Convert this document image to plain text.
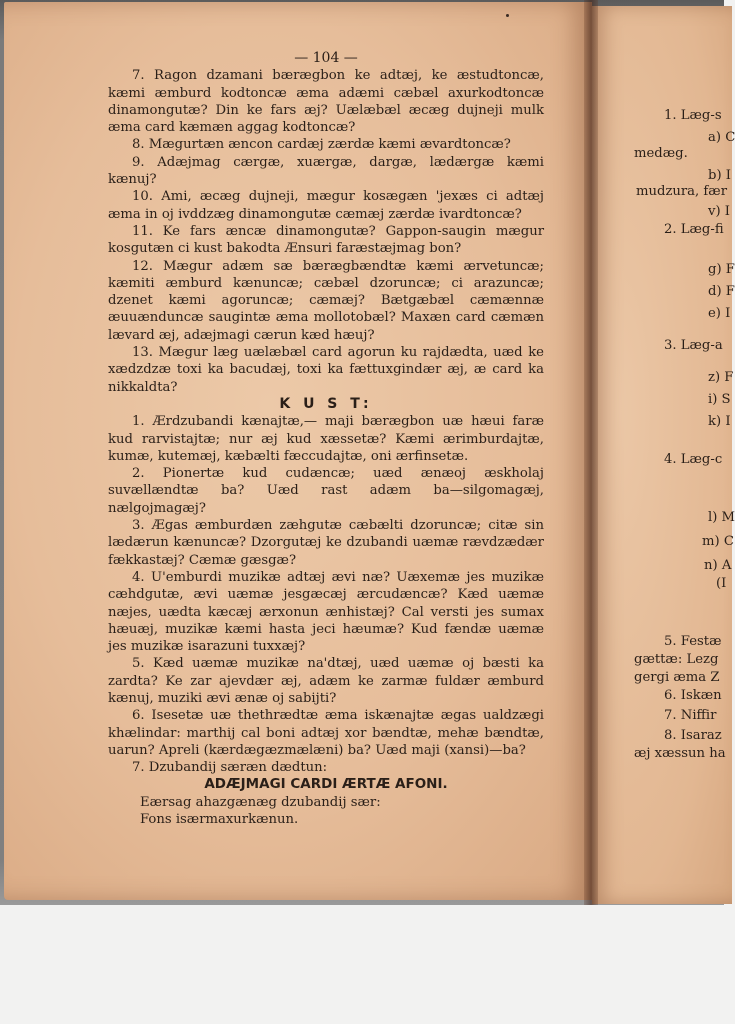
— 104 —

7. Ragon dzamani bærægbon ke adtæj, ke æstudtoncæ, kæmi æmburd kodtoncæ æma adæmi cæbæl axurkodtoncæ dinamongutæ? Din ke fars æj? Uælæbæl æcæg dujneji mulk æma card kæmæn aggag kodtoncæ?

8. Mægurtæn æncon cardæj zærdæ kæmi ævardtoncæ?

9. Adæjmag cærgæ, xuærgæ, dargæ, lædærgæ kæmi kænuj?

10. Ami, æcæg dujneji, mægur kosægæn 'jexæs ci adtæj æma in oj ivddzæg dinamongutæ cæmæj zærdæ ivardtoncæ?

11. Ke fars æncæ dinamongutæ? Gappon-saugin mægur kosgutæn ci kust bakodta Ænsuri faræstæjmag bon?

12. Mægur adæm sæ bærægbændtæ kæmi ærvetuncæ; kæmiti æmburd kænuncæ; cæbæl dzoruncæ; ci arazuncæ; dzenet kæmi agoruncæ; cæmæj? Bætgæbæl cæmænnæ æuuænduncæ saugintæ æma mollotobæl? Maxæn card cæmæn lævard æj, adæjmagi cærun kæd hæuj?

13. Mægur læg uælæbæl card agorun ku rajdædta, uæd ke xædzdzæ toxi ka bacudæj, toxi ka fættuxgindær æj, æ card ka nikkaldta?

K U S T:

1. Ærdzubandi kænajtæ,— maji bærægbon uæ hæui faræ kud rarvistajtæ; nur æj kud xæssetæ? Kæmi ærimburdajtæ, kumæ, kutemæj, kæbælti fæccudajtæ, oni ærfinsetæ.

2. Pionertæ kud cudæncæ; uæd ænæoj æskholaj suvællændtæ ba? Uæd rast adæm ba—silgomagæj, nælgojmagæj?

3. Ægas æmburdæn zæhgutæ cæbælti dzoruncæ; citæ sin lædærun kænuncæ? Dzorgutæj ke dzubandi uæmæ rævdzædær fækkastæj? Cæmæ gæsgæ?

4. U'emburdi muzikæ adtæj ævi næ? Uæxemæ jes muzikæ cæhdgutæ, ævi uæmæ jesgæcæj ærcudæncæ? Kæd uæmæ næjes, uædta kæcæj ærxonun ænhistæj? Cal versti jes sumax hæuæj, muzikæ kæmi hasta jeci hæumæ? Kud fændæ uæmæ jes muzikæ isarazuni tuxxæj?

5. Kæd uæmæ muzikæ na'dtæj, uæd uæmæ oj bæsti ka zardta? Ke zar ajevdær æj, adæm ke zarmæ fuldær æmburd kænuj, muziki ævi ænæ oj sabijti?

6. Isesetæ uæ thethrædtæ æma iskænajtæ ægas ualdzægi khælindar: marthij cal boni adtæj xor bændtæ, mehæ bændtæ, uarun? Apreli (kærdægæzmælæni) ba? Uæd maji (xansi)—ba?

7. Dzubandij særæn dædtun:

ADÆJMAGI CARDI ÆRTÆ AFONI.

Eærsag ahazgænæg dzubandij sær:

Fons isærmaxurkænun.

1. Læg-s
a) C
medæg.
b) I
mudzura, fær
v) I
2. Læg-fi
g) F
d) F
e) I
3. Læg-a
z) F
i) S
k) I
4. Læg-c
l) M
m) C
n) A
(I
5. Festæ
gættæ: Lezg
gergi æma Z
6. Iskæn
7. Niffir
8. Isaraz
æj xæssun ha
